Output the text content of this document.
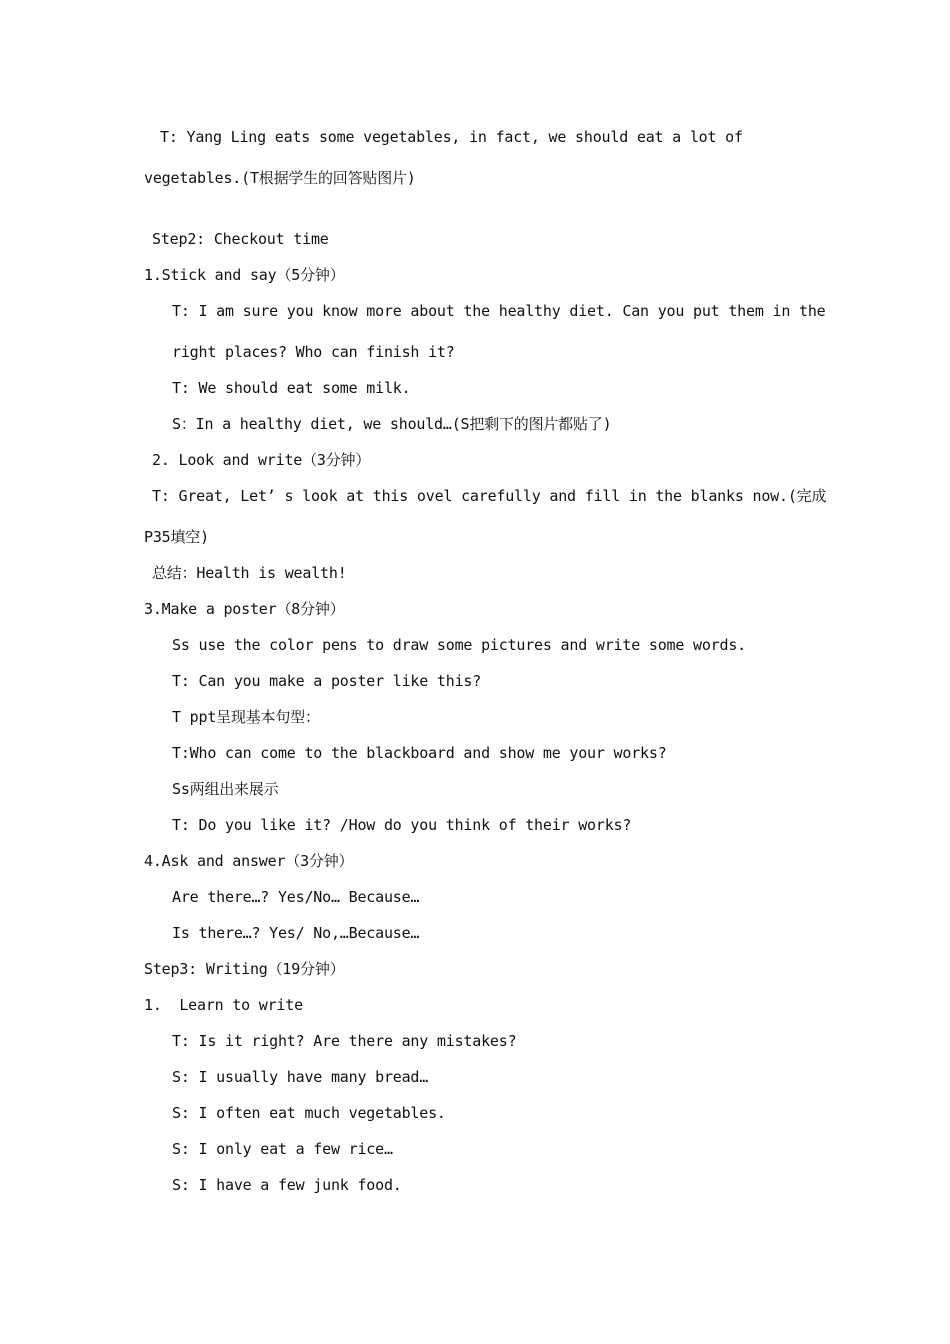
T: Yang Ling eats some vegetables, in fact, we should eat a lot of
vegetables.(T根据学生的回答贴图片)
Step2: Checkout time
1.Stick and say（5分钟）
T: I am sure you know more about the healthy diet. Can you put them in the
right places? Who can finish it?
T: We should eat some milk.
S：In a healthy diet, we should…(S把剩下的图片都贴了)
2. Look and write（3分钟）
T: Great, Let’ s look at this ovel carefully and fill in the blanks now.(完成
P35填空)
总结：Health is wealth!
3.Make a poster（8分钟）
Ss use the color pens to draw some pictures and write some words.
T: Can you make a poster like this?
T ppt呈现基本句型：
T:Who can come to the blackboard and show me your works?
Ss两组出来展示
T: Do you like it? /How do you think of their works?
4.Ask and answer（3分钟）
Are there…? Yes/No… Because…
Is there…? Yes/ No,…Because…
Step3: Writing（19分钟）
1.  Learn to write
T: Is it right? Are there any mistakes?
S: I usually have many bread…
S: I often eat much vegetables.
S: I only eat a few rice…
S: I have a few junk food.
